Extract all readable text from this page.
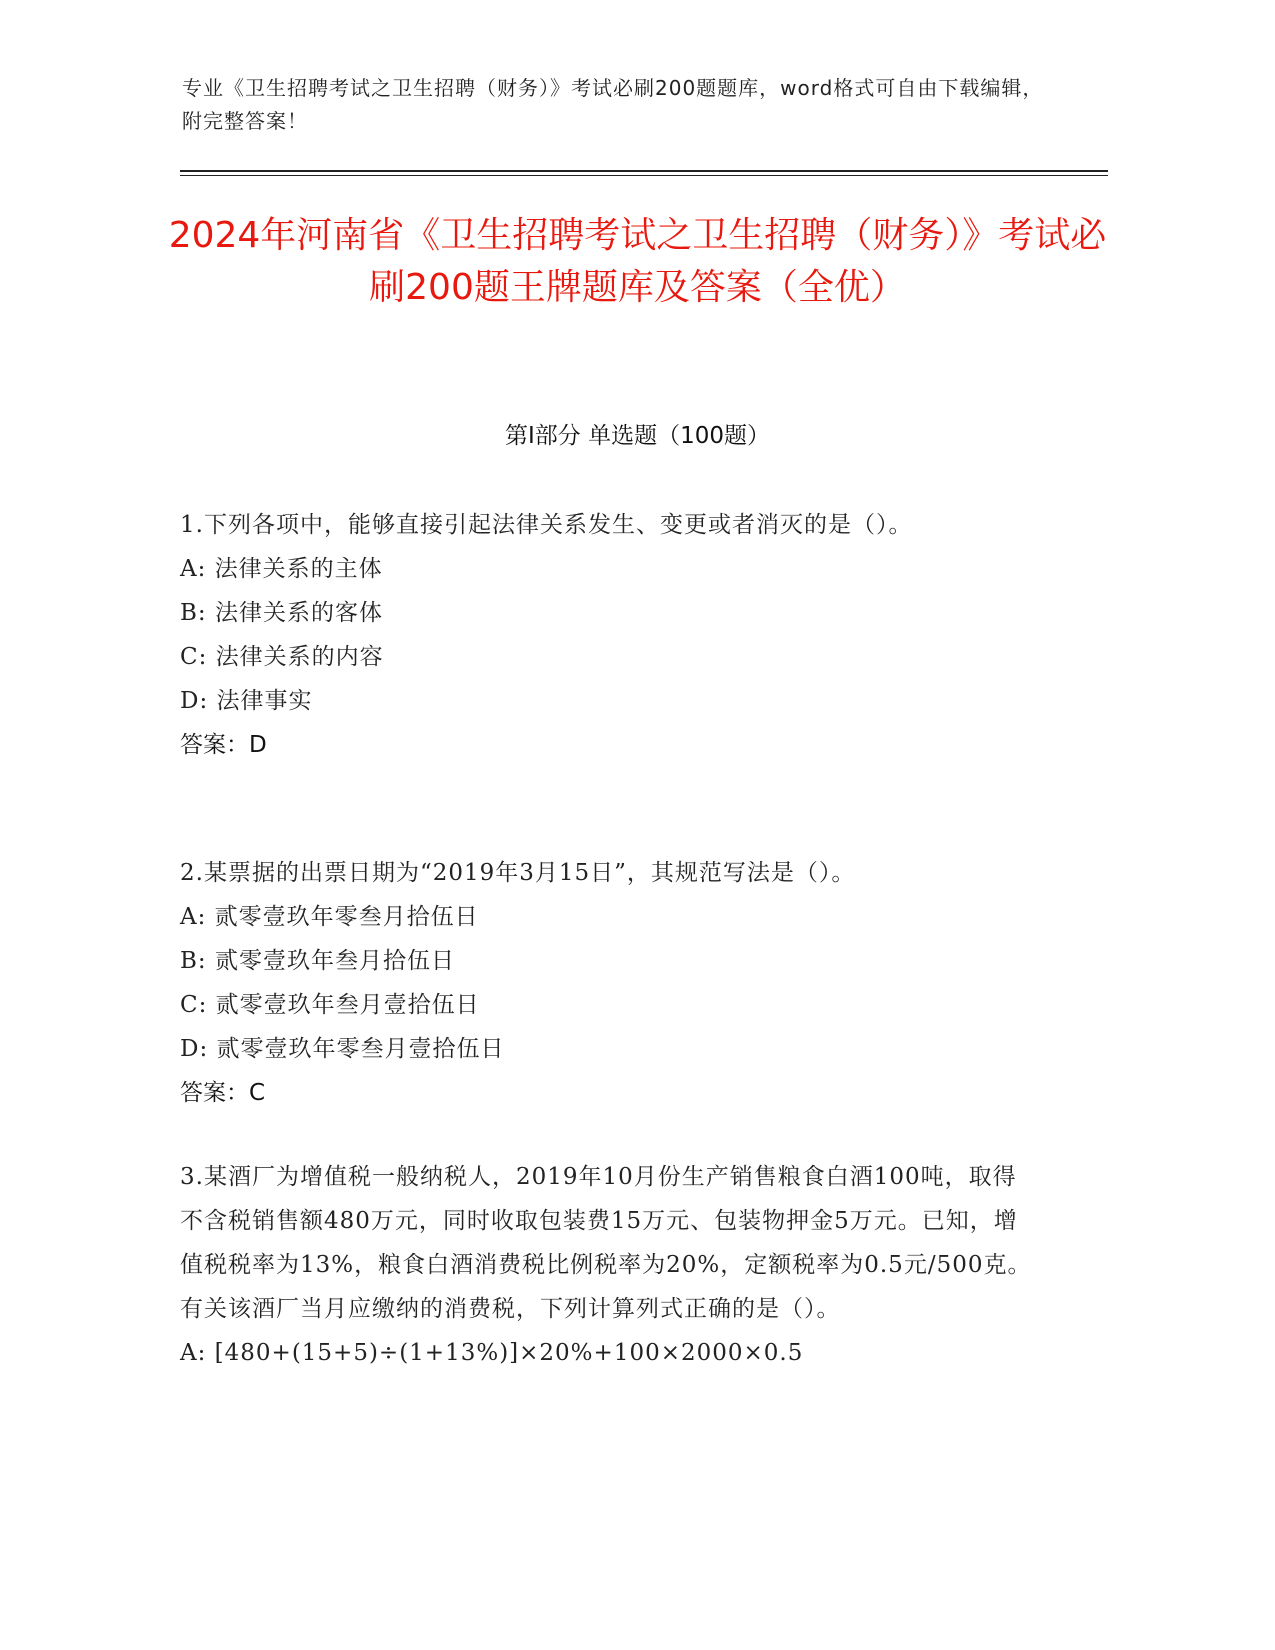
专业《卫生招聘考试之卫生招聘（财务）》考试必刷200题题库，word格式可自由下载编辑，附完整答案！
2024年河南省《卫生招聘考试之卫生招聘（财务）》考试必刷200题王牌题库及答案（全优）
第Ⅰ部分 单选题（100题）
1.下列各项中，能够直接引起法律关系发生、变更或者消灭的是（）。
A: 法律关系的主体
B: 法律关系的客体
C: 法律关系的内容
D: 法律事实
答案：D
2.某票据的出票日期为“2019年3月15日”，其规范写法是（）。
A: 贰零壹玖年零叁月拾伍日
B: 贰零壹玖年叁月拾伍日
C: 贰零壹玖年叁月壹拾伍日
D: 贰零壹玖年零叁月壹拾伍日
答案：C
3.某酒厂为增值税一般纳税人，2019年10月份生产销售粮食白酒100吨，取得不含税销售额480万元，同时收取包装费15万元、包装物押金5万元。已知，增值税税率为13%，粮食白酒消费税比例税率为20%，定额税率为0.5元/500克。有关该酒厂当月应缴纳的消费税，下列计算列式正确的是（）。
A: [480+(15+5)÷(1+13%)]×20%+100×2000×0.5
